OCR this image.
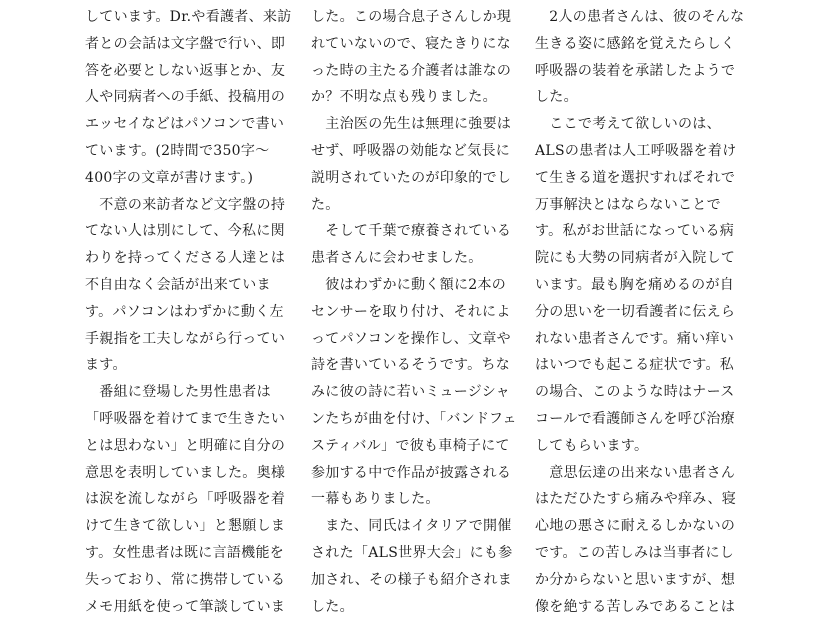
しています。Dr.や看護者、来訪
者との会話は文字盤で行い、即
答を必要としない返事とか、友
人や同病者への手紙、投稿用の
エッセイなどはパソコンで書い
ています。(2時間で350字～
400字の文章が書けます。)
　不意の来訪者など文字盤の持
てない人は別にして、今私に関
わりを持ってくださる人達とは
不自由なく会話が出来ていま
す。パソコンはわずかに動く左
手親指を工夫しながら行ってい
ます。
　番組に登場した男性患者は
「呼吸器を着けてまで生きたい
とは思わない」と明確に自分の
意思を表明していました。奥様
は涙を流しながら「呼吸器を着
けて生きて欲しい」と懇願しま
す。女性患者は既に言語機能を
失っており、常に携帯している
メモ用紙を使って筆談していま
した。この場合息子さんしか現
れていないので、寝たきりにな
った時の主たる介護者は誰なの
か？不明な点も残りました。
　主治医の先生は無理に強要は
せず、呼吸器の効能など気長に
説明されていたのが印象的でし
た。
　そして千葉で療養されている
患者さんに会わせました。
　彼はわずかに動く額に2本の
センサーを取り付け、それによ
ってパソコンを操作し、文章や
詩を書いているそうです。ちな
みに彼の詩に若いミュージシャ
ンたちが曲を付け、「バンドフェ
スティバル」で彼も車椅子にて
参加する中で作品が披露される
一幕もありました。
　また、同氏はイタリアで開催
された「ALS世界大会」にも参
加され、その様子も紹介されま
した。
　2人の患者さんは、彼のそんな
生きる姿に感銘を覚えたらしく
呼吸器の装着を承諾したようで
した。
　ここで考えて欲しいのは、
ALSの患者は人工呼吸器を着け
て生きる道を選択すればそれで
万事解決とはならないことで
す。私がお世話になっている病
院にも大勢の同病者が入院して
います。最も胸を痛めるのが自
分の思いを一切看護者に伝えら
れない患者さんです。痛い痒い
はいつでも起こる症状です。私
の場合、このような時はナース
コールで看護師さんを呼び治療
してもらいます。
　意思伝達の出来ない患者さん
はただひたすら痛みや痒み、寝
心地の悪さに耐えるしかないの
です。この苦しみは当事者にし
か分からないと思いますが、想
像を絶する苦しみであることは
